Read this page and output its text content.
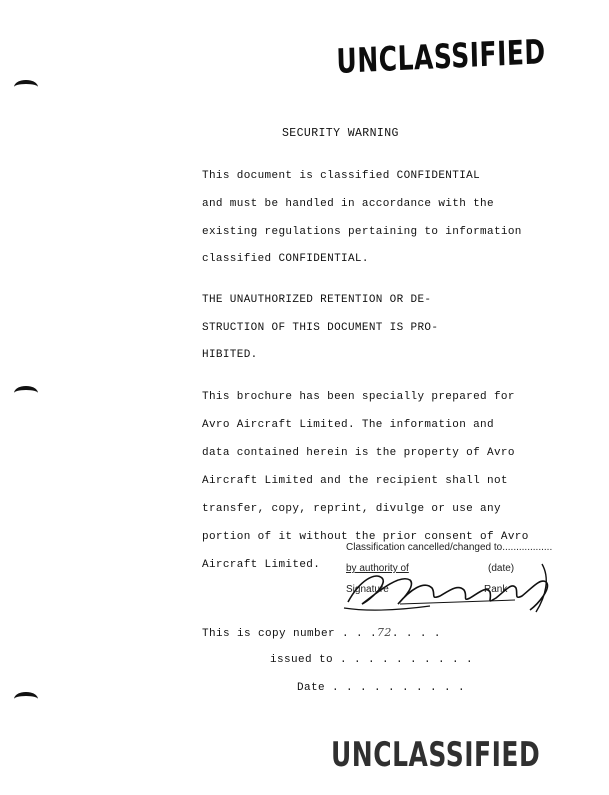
UNCLASSIFIED
UNCLASSIFIED
SECURITY WARNING
This document is classified CONFIDENTIAL
and must be handled in accordance with the
existing regulations pertaining to information
classified CONFIDENTIAL.
THE UNAUTHORIZED RETENTION OR DE-
STRUCTION OF THIS DOCUMENT IS PRO-
HIBITED.
This brochure has been specially prepared for
Avro Aircraft Limited. The information and
data contained herein is the property of Avro
Aircraft Limited and the recipient shall not
transfer, copy, reprint, divulge or use any
portion of it without the prior consent of Avro
Aircraft Limited.
Classification cancelled/changed to..................
by authority of	(date)
Signature	Rank
This is copy number . . .72. . . .
issued to . . . . . . . . . .
Date . . . . . . . . . .
